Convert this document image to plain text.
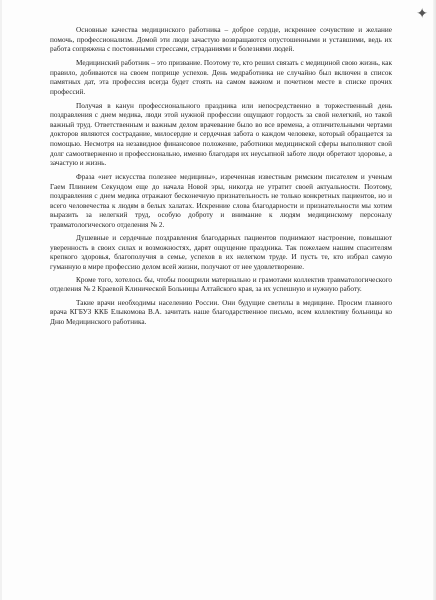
✦

Основные качества медицинского работника – доброе сердце, искреннее сочувствие и желание помочь, профессионализм. Домой эти люди зачастую возвращаются опустошенными и уставшими, ведь их работа сопряжена с постоянными стрессами, страданиями и болезнями людей.

Медицинский работник – это призвание. Поэтому те, кто решил связать с медициной свою жизнь, как правило, добиваются на своем поприще успехов. День медработника не случайно был включен в список памятных дат, эта профессия всегда будет стоять на самом важном и почетном месте в списке прочих профессий.

Получая в канун профессионального праздника или непосредственно в торжественный день поздравления с днем медика, люди этой нужной профессии ощущают гордость за свой нелегкий, но такой важный труд. Ответственным и важным делом врачевание было во все времена, а отличительными чертами докторов являются сострадание, милосердие и сердечная забота о каждом человеке, который обращается за помощью. Несмотря на незавидное финансовое положение, работники медицинской сферы выполняют свой долг самоотверженно и профессионально, именно благодаря их неусыпной заботе люди обретают здоровье, а зачастую и жизнь.

Фраза «нет искусства полезнее медицины», изреченная известным римским писателем и ученым Гаем Плинием Секундом еще до начала Новой эры, никогда не утратит своей актуальности. Поэтому, поздравления с днем медика отражают бесконечную признательность не только конкретных пациентов, но и всего человечества к людям в белых халатах. Искренние слова благодарности и признательности мы хотим выразить за нелегкий труд, особую доброту и внимание к людям медицинскому персоналу травматологического отделения № 2.

Душевные и сердечные поздравления благодарных пациентов поднимают настроение, повышают уверенность в своих силах и возможностях, дарят ощущение праздника. Так пожелаем нашим спасителям крепкого здоровья, благополучия в семье, успехов в их нелегком труде. И пусть те, кто избрал самую гуманную в мире профессию делом всей жизни, получают от нее удовлетворение.

Кроме того, хотелось бы, чтобы поощрили материально и грамотами коллектив травматологического отделения № 2 Краевой Клинической Больницы Алтайского края, за их успешную и нужную работу.

Такие врачи необходимы населению России. Они будущие светилы в медицине. Просим главного врача КГБУЗ ККБ Елыкомова В.А. зачитать наше благодарственное письмо, всем коллективу больницы ко Дню Медицинского работника.
